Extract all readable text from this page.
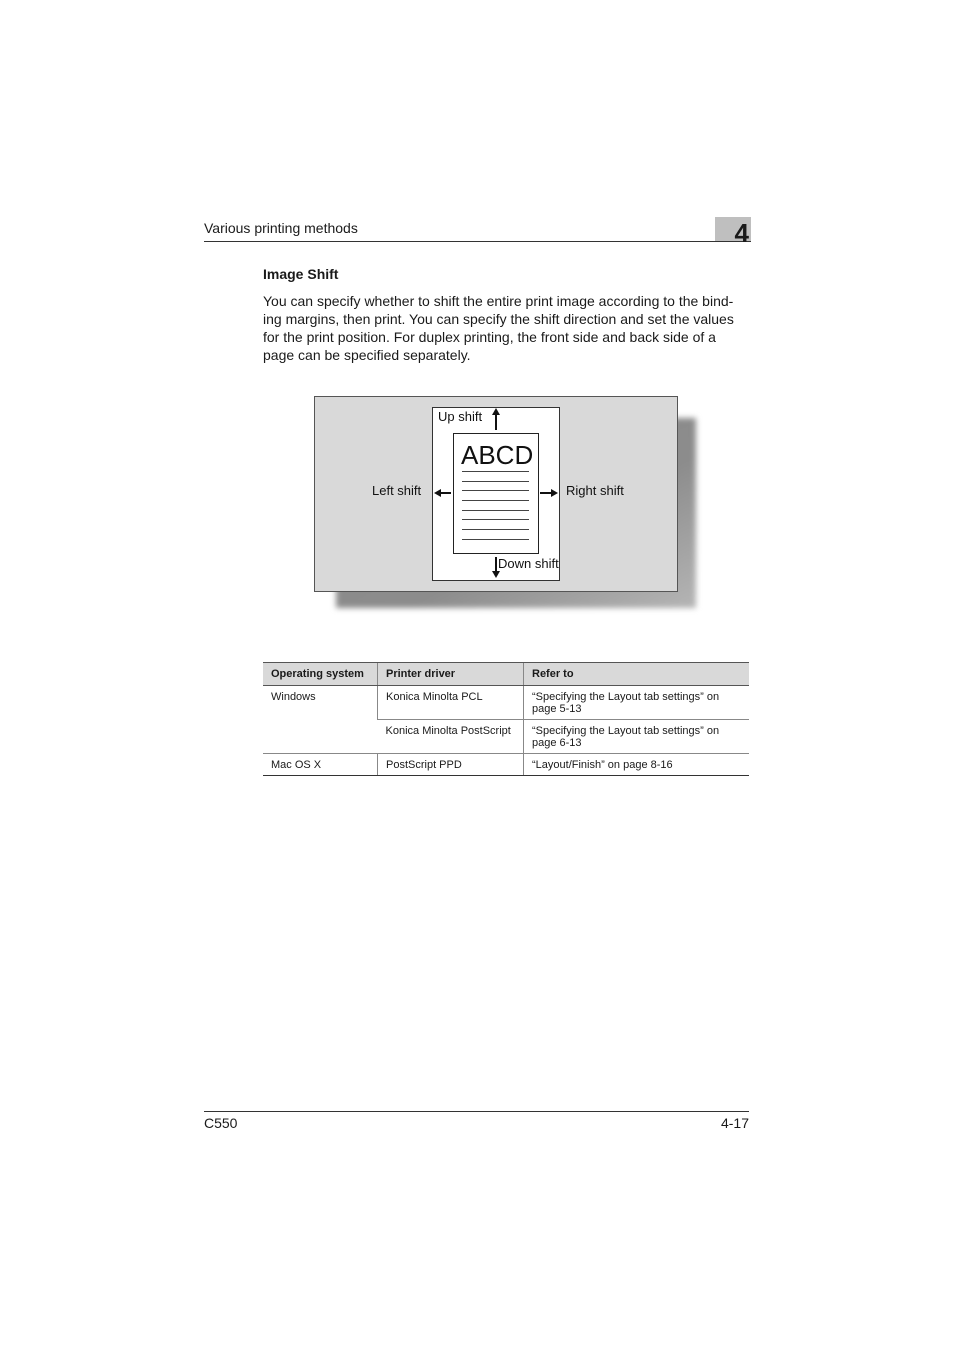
Various printing methods	4
Image Shift
You can specify whether to shift the entire print image according to the bind-
ing margins, then print. You can specify the shift direction and set the values
for the print position. For duplex printing, the front side and back side of a
page can be specified separately.
ABCD
Up shift
Down shift
Left shift	Right shift
Operating system	Printer driver	Refer to
Windows	Konica Minolta PCL	“Specifying the Layout tab settings” on page 5-13
	Konica Minolta PostScript	“Specifying the Layout tab settings” on page 6-13
Mac OS X	PostScript PPD	“Layout/Finish” on page 8-16
C550	4-17
